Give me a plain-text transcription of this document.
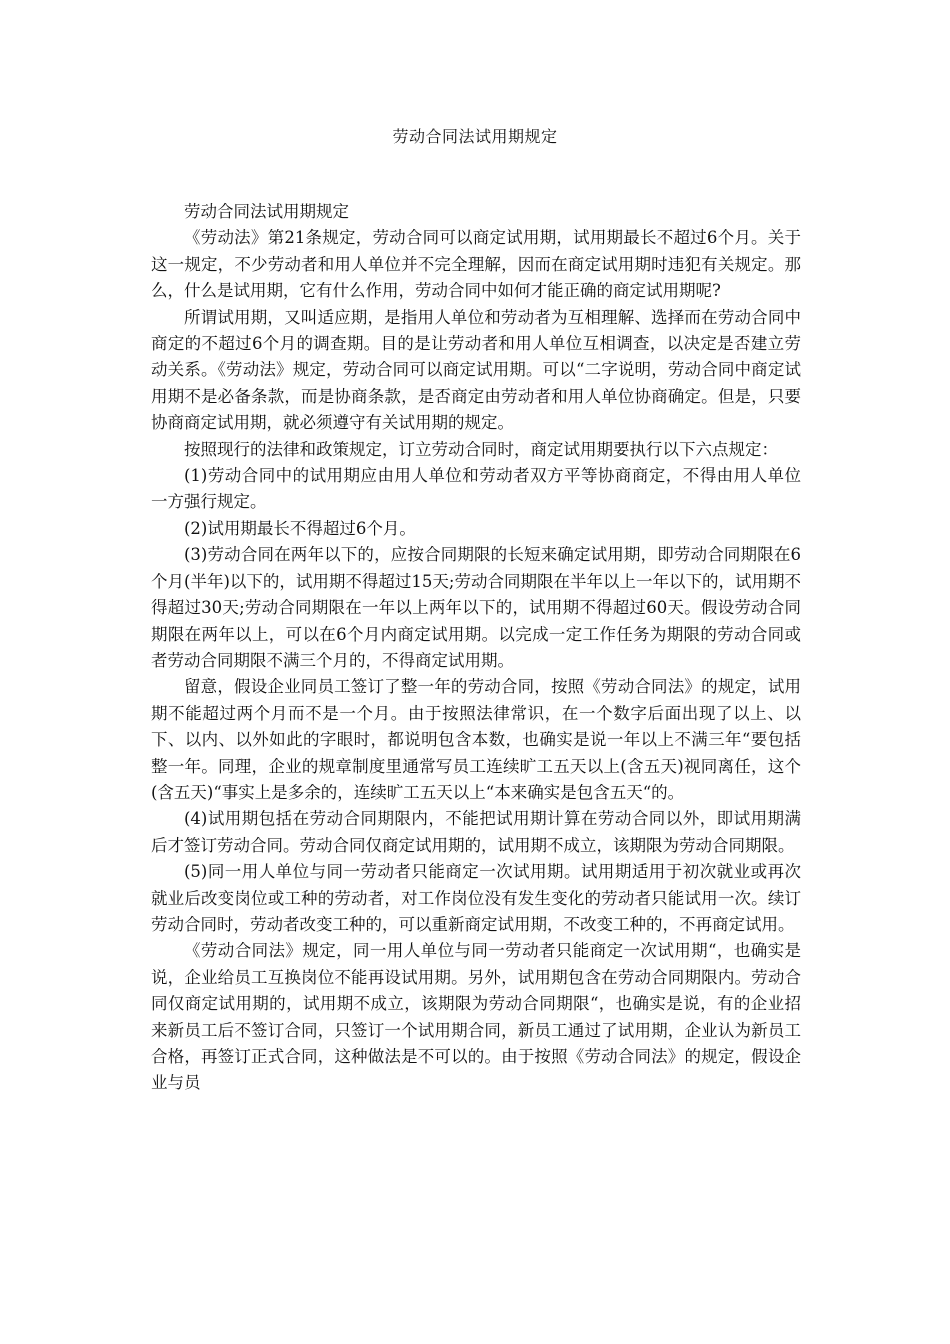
劳动合同法试用期规定

劳动合同法试用期规定

《劳动法》第21条规定，劳动合同可以商定试用期，试用期最长不超过6个月。关于这一规定，不少劳动者和用人单位并不完全理解，因而在商定试用期时违犯有关规定。那么，什么是试用期，它有什么作用，劳动合同中如何才能正确的商定试用期呢?

所谓试用期，又叫适应期，是指用人单位和劳动者为互相理解、选择而在劳动合同中商定的不超过6个月的调查期。目的是让劳动者和用人单位互相调查，以决定是否建立劳动关系。《劳动法》规定，劳动合同可以商定试用期。可以“二字说明，劳动合同中商定试用期不是必备条款，而是协商条款，是否商定由劳动者和用人单位协商确定。但是，只要协商商定试用期，就必须遵守有关试用期的规定。

按照现行的法律和政策规定，订立劳动合同时，商定试用期要执行以下六点规定：

(1)劳动合同中的试用期应由用人单位和劳动者双方平等协商商定，不得由用人单位一方强行规定。

(2)试用期最长不得超过6个月。

(3)劳动合同在两年以下的，应按合同期限的长短来确定试用期，即劳动合同期限在6个月(半年)以下的，试用期不得超过15天;劳动合同期限在半年以上一年以下的，试用期不得超过30天;劳动合同期限在一年以上两年以下的，试用期不得超过60天。假设劳动合同期限在两年以上，可以在6个月内商定试用期。以完成一定工作任务为期限的劳动合同或者劳动合同期限不满三个月的，不得商定试用期。

留意，假设企业同员工签订了整一年的劳动合同，按照《劳动合同法》的规定，试用期不能超过两个月而不是一个月。由于按照法律常识，在一个数字后面出现了以上、以下、以内、以外如此的字眼时，都说明包含本数，也确实是说一年以上不满三年“要包括整一年。同理，企业的规章制度里通常写员工连续旷工五天以上(含五天)视同离任，这个(含五天)“事实上是多余的，连续旷工五天以上“本来确实是包含五天“的。

(4)试用期包括在劳动合同期限内，不能把试用期计算在劳动合同以外，即试用期满后才签订劳动合同。劳动合同仅商定试用期的，试用期不成立，该期限为劳动合同期限。

(5)同一用人单位与同一劳动者只能商定一次试用期。试用期适用于初次就业或再次就业后改变岗位或工种的劳动者，对工作岗位没有发生变化的劳动者只能试用一次。续订劳动合同时，劳动者改变工种的，可以重新商定试用期，不改变工种的，不再商定试用。

《劳动合同法》规定，同一用人单位与同一劳动者只能商定一次试用期“，也确实是说，企业给员工互换岗位不能再设试用期。另外，试用期包含在劳动合同期限内。劳动合同仅商定试用期的，试用期不成立，该期限为劳动合同期限“，也确实是说，有的企业招来新员工后不签订合同，只签订一个试用期合同，新员工通过了试用期，企业认为新员工合格，再签订正式合同，这种做法是不可以的。由于按照《劳动合同法》的规定，假设企业与员
